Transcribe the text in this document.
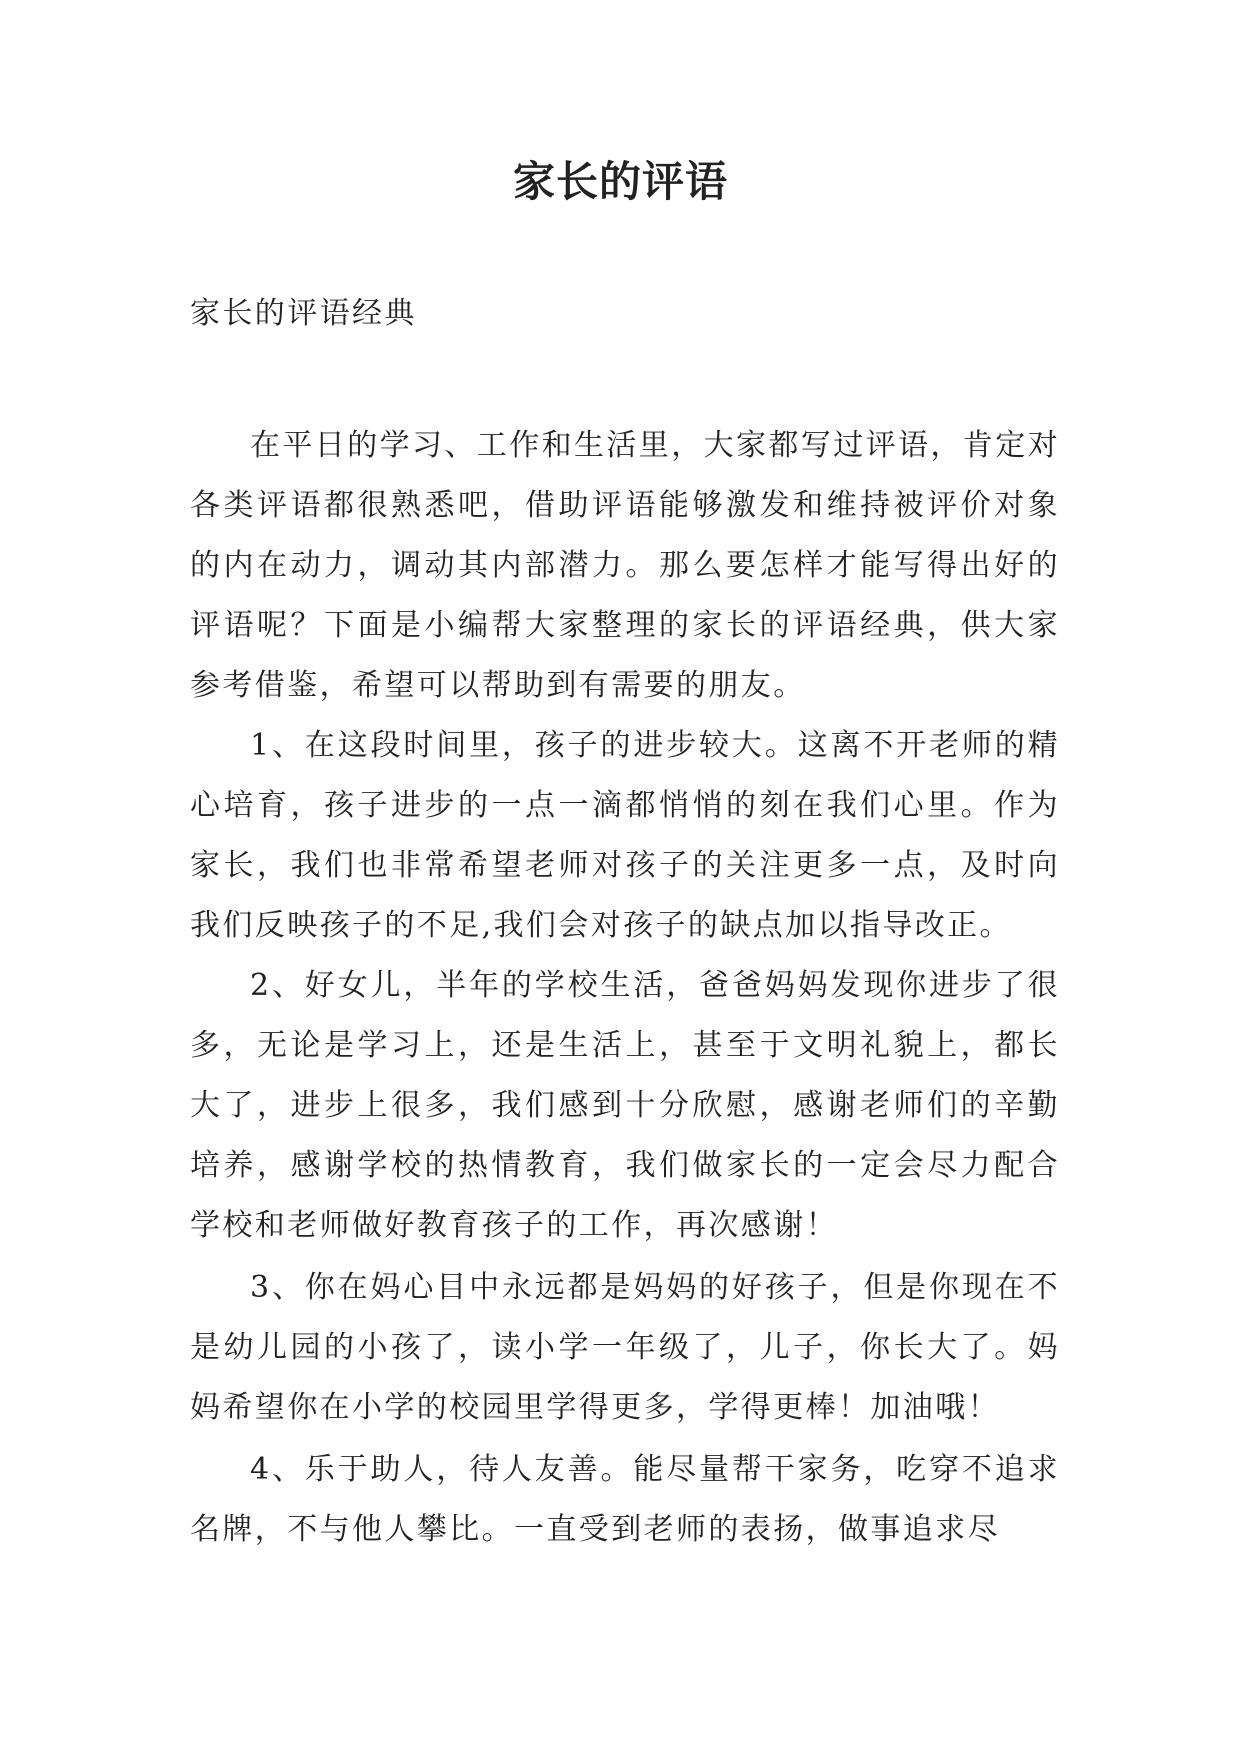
家长的评语

家长的评语经典

在平日的学习、工作和生活里，大家都写过评语，肯定对各类评语都很熟悉吧，借助评语能够激发和维持被评价对象的内在动力，调动其内部潜力。那么要怎样才能写得出好的评语呢？下面是小编帮大家整理的家长的评语经典，供大家参考借鉴，希望可以帮助到有需要的朋友。

1、在这段时间里，孩子的进步较大。这离不开老师的精心培育，孩子进步的一点一滴都悄悄的刻在我们心里。作为家长，我们也非常希望老师对孩子的关注更多一点，及时向我们反映孩子的不足,我们会对孩子的缺点加以指导改正。

2、好女儿，半年的学校生活，爸爸妈妈发现你进步了很多，无论是学习上，还是生活上，甚至于文明礼貌上，都长大了，进步上很多，我们感到十分欣慰，感谢老师们的辛勤培养，感谢学校的热情教育，我们做家长的一定会尽力配合学校和老师做好教育孩子的工作，再次感谢！

3、你在妈心目中永远都是妈妈的好孩子，但是你现在不是幼儿园的小孩了，读小学一年级了，儿子，你长大了。妈妈希望你在小学的校园里学得更多，学得更棒！加油哦！

4、乐于助人，待人友善。能尽量帮干家务，吃穿不追求名牌，不与他人攀比。一直受到老师的表扬，做事追求尽
